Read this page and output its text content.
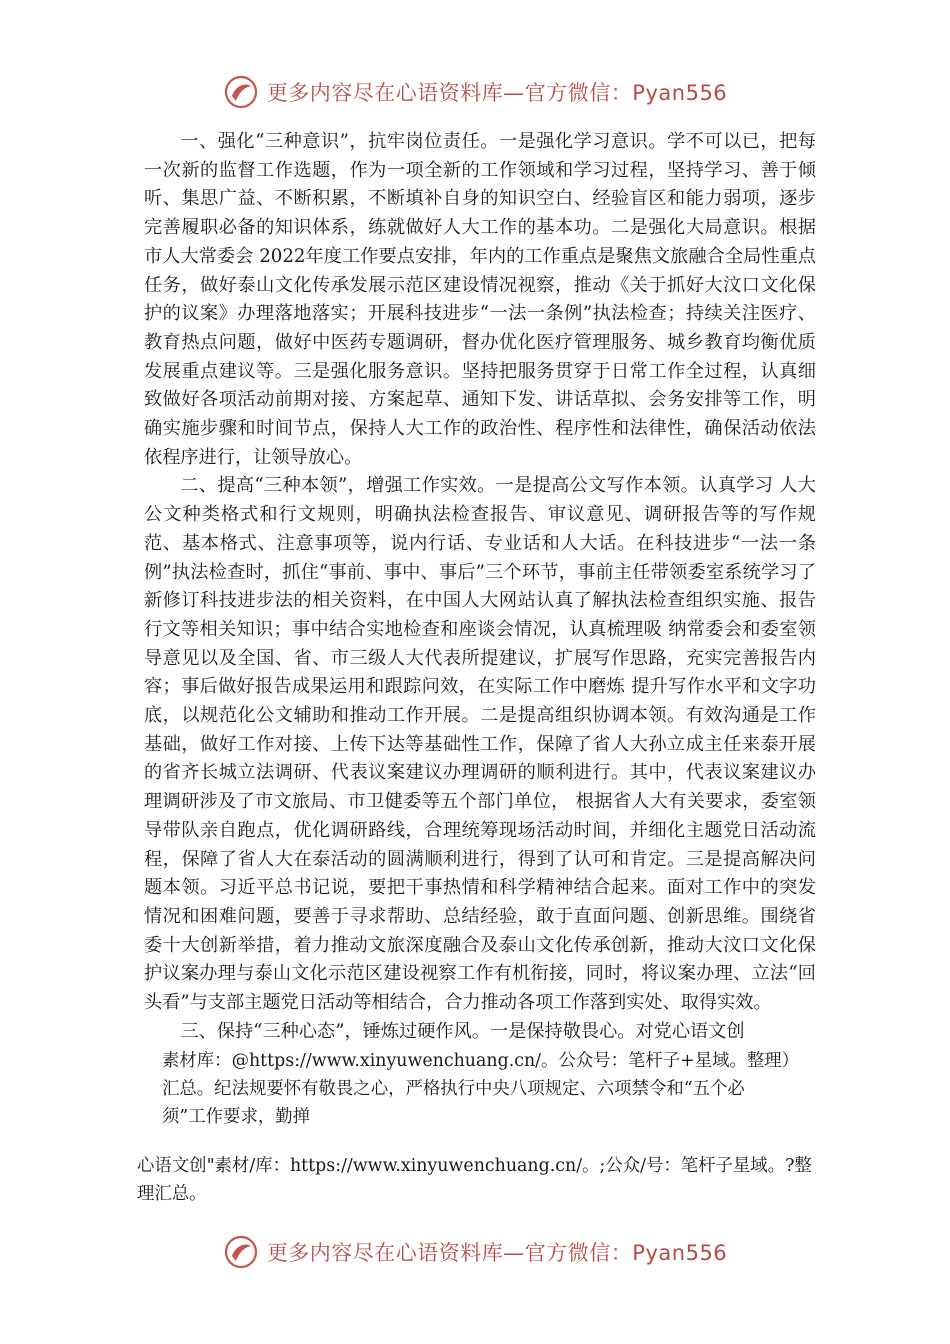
更多内容尽在心语资料库—官方微信：Pyan556

一、强化“三种意识”，抗牢岗位责任。一是强化学习意识。学不可以已，把每一次新的监督工作选题，作为一项全新的工作领域和学习过程，坚持学习、善于倾听、集思广益、不断积累，不断填补自身的知识空白、经验盲区和能力弱项，逐步完善履职必备的知识体系，练就做好人大工作的基本功。二是强化大局意识。根据市人大常委会 2022年度工作要点安排，年内的工作重点是聚焦文旅融合全局性重点任务，做好泰山文化传承发展示范区建设情况视察，推动《关于抓好大汶口文化保护的议案》办理落地落实；开展科技进步“一法一条例”执法检查；持续关注医疗、教育热点问题，做好中医药专题调研，督办优化医疗管理服务、城乡教育均衡优质发展重点建议等。三是强化服务意识。坚持把服务贯穿于日常工作全过程，认真细致做好各项活动前期对接、方案起草、通知下发、讲话草拟、会务安排等工作，明确实施步骤和时间节点，保持人大工作的政治性、程序性和法律性，确保活动依法依程序进行，让领导放心。

二、提高“三种本领”，增强工作实效。一是提高公文写作本领。认真学习 人大公文种类格式和行文规则，明确执法检查报告、审议意见、调研报告等的写作规范、基本格式、注意事项等，说内行话、专业话和人大话。在科技进步“一法一条例”执法检查时，抓住“事前、事中、事后”三个环节，事前主任带领委室系统学习了新修订科技进步法的相关资料，在中国人大网站认真了解执法检查组织实施、报告行文等相关知识；事中结合实地检查和座谈会情况，认真梳理吸 纳常委会和委室领导意见以及全国、省、市三级人大代表所提建议，扩展写作思路，充实完善报告内容；事后做好报告成果运用和跟踪问效，在实际工作中磨炼 提升写作水平和文字功底，以规范化公文辅助和推动工作开展。二是提高组织协调本领。有效沟通是工作基础，做好工作对接、上传下达等基础性工作，保障了省人大孙立成主任来泰开展的省齐长城立法调研、代表议案建议办理调研的顺利进行。其中，代表议案建议办理调研涉及了市文旅局、市卫健委等五个部门单位， 根据省人大有关要求，委室领导带队亲自跑点，优化调研路线，合理统筹现场活动时间，并细化主题党日活动流程，保障了省人大在泰活动的圆满顺利进行，得到了认可和肯定。三是提高解决问题本领。习近平总书记说，要把干事热情和科学精神结合起来。面对工作中的突发情况和困难问题，要善于寻求帮助、总结经验，敢于直面问题、创新思维。围绕省委十大创新举措，着力推动文旅深度融合及泰山文化传承创新，推动大汶口文化保护议案办理与泰山文化示范区建设视察工作有机衔接，同时，将议案办理、立法“回头看”与支部主题党日活动等相结合，合力推动各项工作落到实处、取得实效。

三、保持“三种心态”，锤炼过硬作风。一是保持敬畏心。对党心语文创

素材库：@https://www.xinyuwenchuang.cn/。公众号：笔杆子+星域。整理）

汇总。纪法规要怀有敬畏之心，严格执行中央八项规定、六项禁令和“五个必

须”工作要求，勤掸

心语文创"素材/库：https://www.xinyuwenchuang.cn/。;公众/号：笔杆子星域。?整理汇总。

更多内容尽在心语资料库—官方微信：Pyan556
